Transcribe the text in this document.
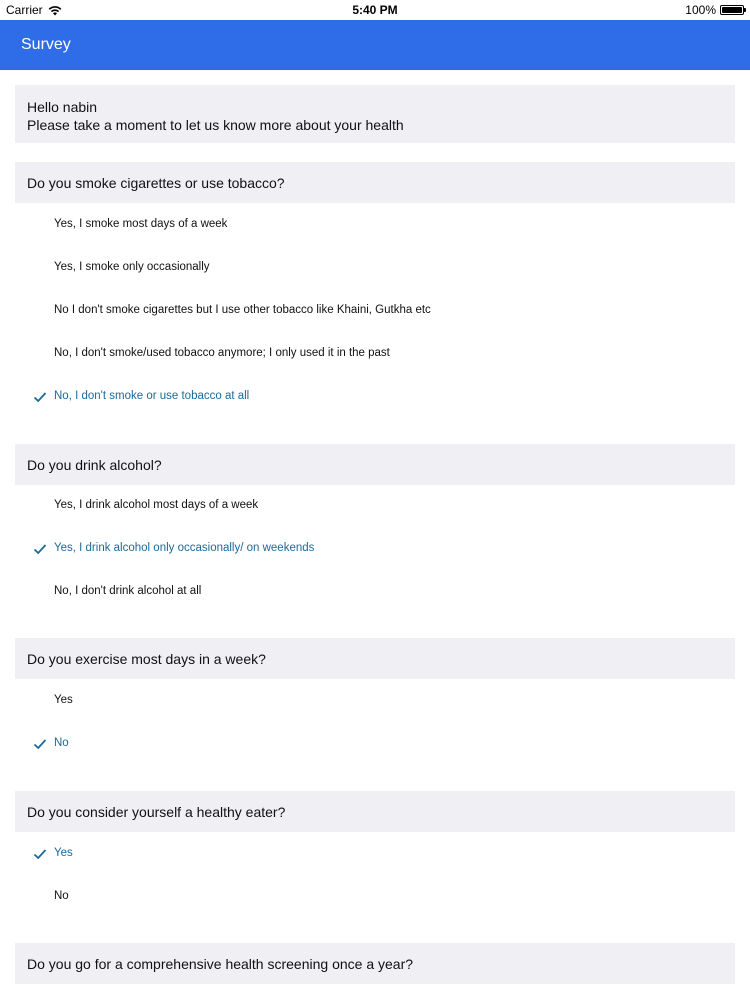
Carrier	5:40 PM	100%
Survey
Hello nabin
Please take a moment to let us know more about your health
Do you smoke cigarettes or use tobacco?
Yes, I smoke most days of a week
Yes, I smoke only occasionally
No I don't smoke cigarettes but I use other tobacco like Khaini, Gutkha etc
No, I don't smoke/used tobacco anymore; I only used it in the past
No, I don't smoke or use tobacco at all
Do you drink alcohol?
Yes, I drink alcohol most days of a week
Yes, I drink alcohol only occasionally/ on weekends
No, I don't drink alcohol at all
Do you exercise most days in a week?
Yes
No
Do you consider yourself a healthy eater?
Yes
No
Do you go for a comprehensive health screening once a year?
